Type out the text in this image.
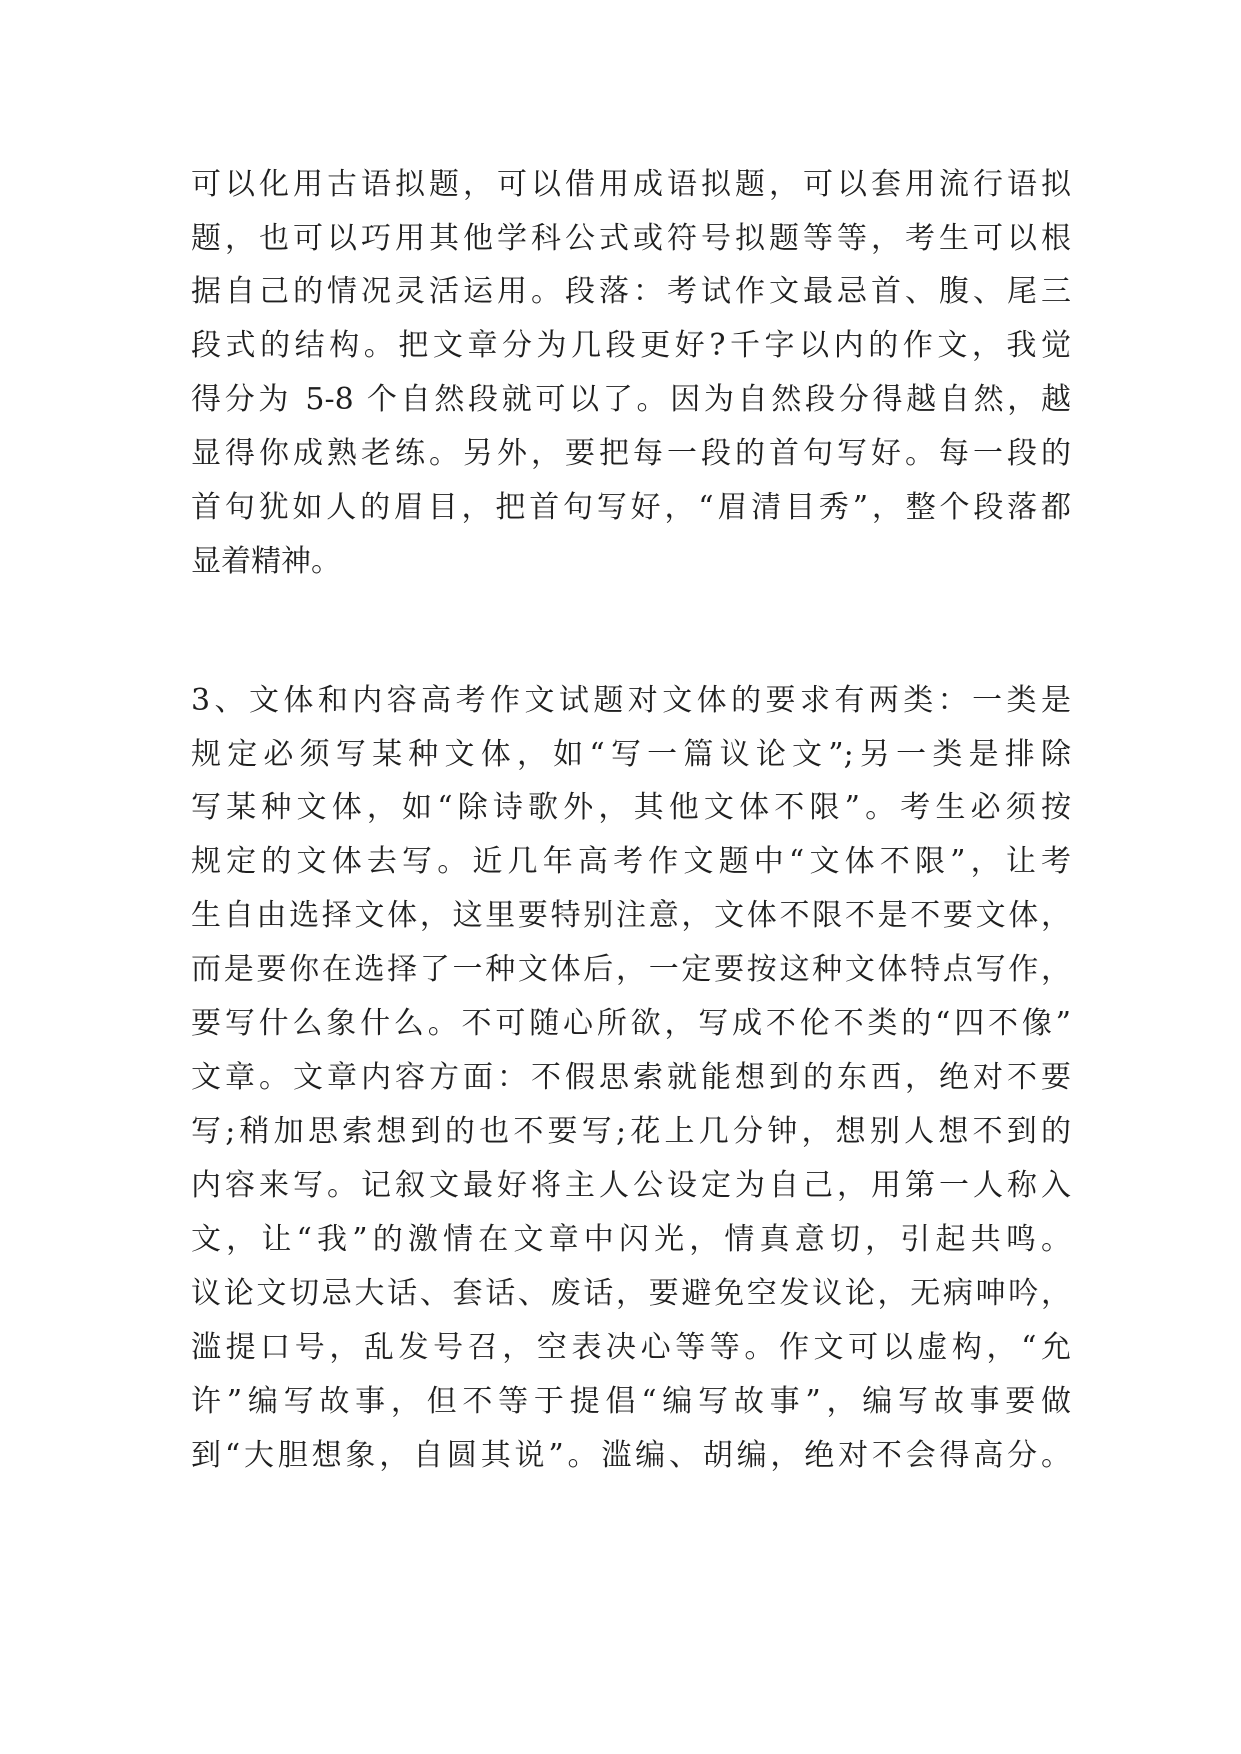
可以化用古语拟题，可以借用成语拟题，可以套用流行语拟

题，也可以巧用其他学科公式或符号拟题等等，考生可以根

据自己的情况灵活运用。段落：考试作文最忌首、腹、尾三

段式的结构。把文章分为几段更好?千字以内的作文，我觉

得分为 5-8 个自然段就可以了。因为自然段分得越自然，越

显得你成熟老练。另外，要把每一段的首句写好。每一段的

首句犹如人的眉目，把首句写好，“眉清目秀”，整个段落都

显着精神。

3、文体和内容高考作文试题对文体的要求有两类：一类是

规定必须写某种文体，如“写一篇议论文”;另一类是排除

写某种文体，如“除诗歌外，其他文体不限”。考生必须按

规定的文体去写。近几年高考作文题中“文体不限”，让考

生自由选择文体，这里要特别注意，文体不限不是不要文体，

而是要你在选择了一种文体后，一定要按这种文体特点写作，

要写什么象什么。不可随心所欲，写成不伦不类的“四不像”

文章。文章内容方面：不假思索就能想到的东西，绝对不要

写;稍加思索想到的也不要写;花上几分钟，想别人想不到的

内容来写。记叙文最好将主人公设定为自己，用第一人称入

文，让“我”的激情在文章中闪光，情真意切，引起共鸣。

议论文切忌大话、套话、废话，要避免空发议论，无病呻吟，

滥提口号，乱发号召，空表决心等等。作文可以虚构，“允

许”编写故事，但不等于提倡“编写故事”，编写故事要做

到“大胆想象，自圆其说”。滥编、胡编，绝对不会得高分。
